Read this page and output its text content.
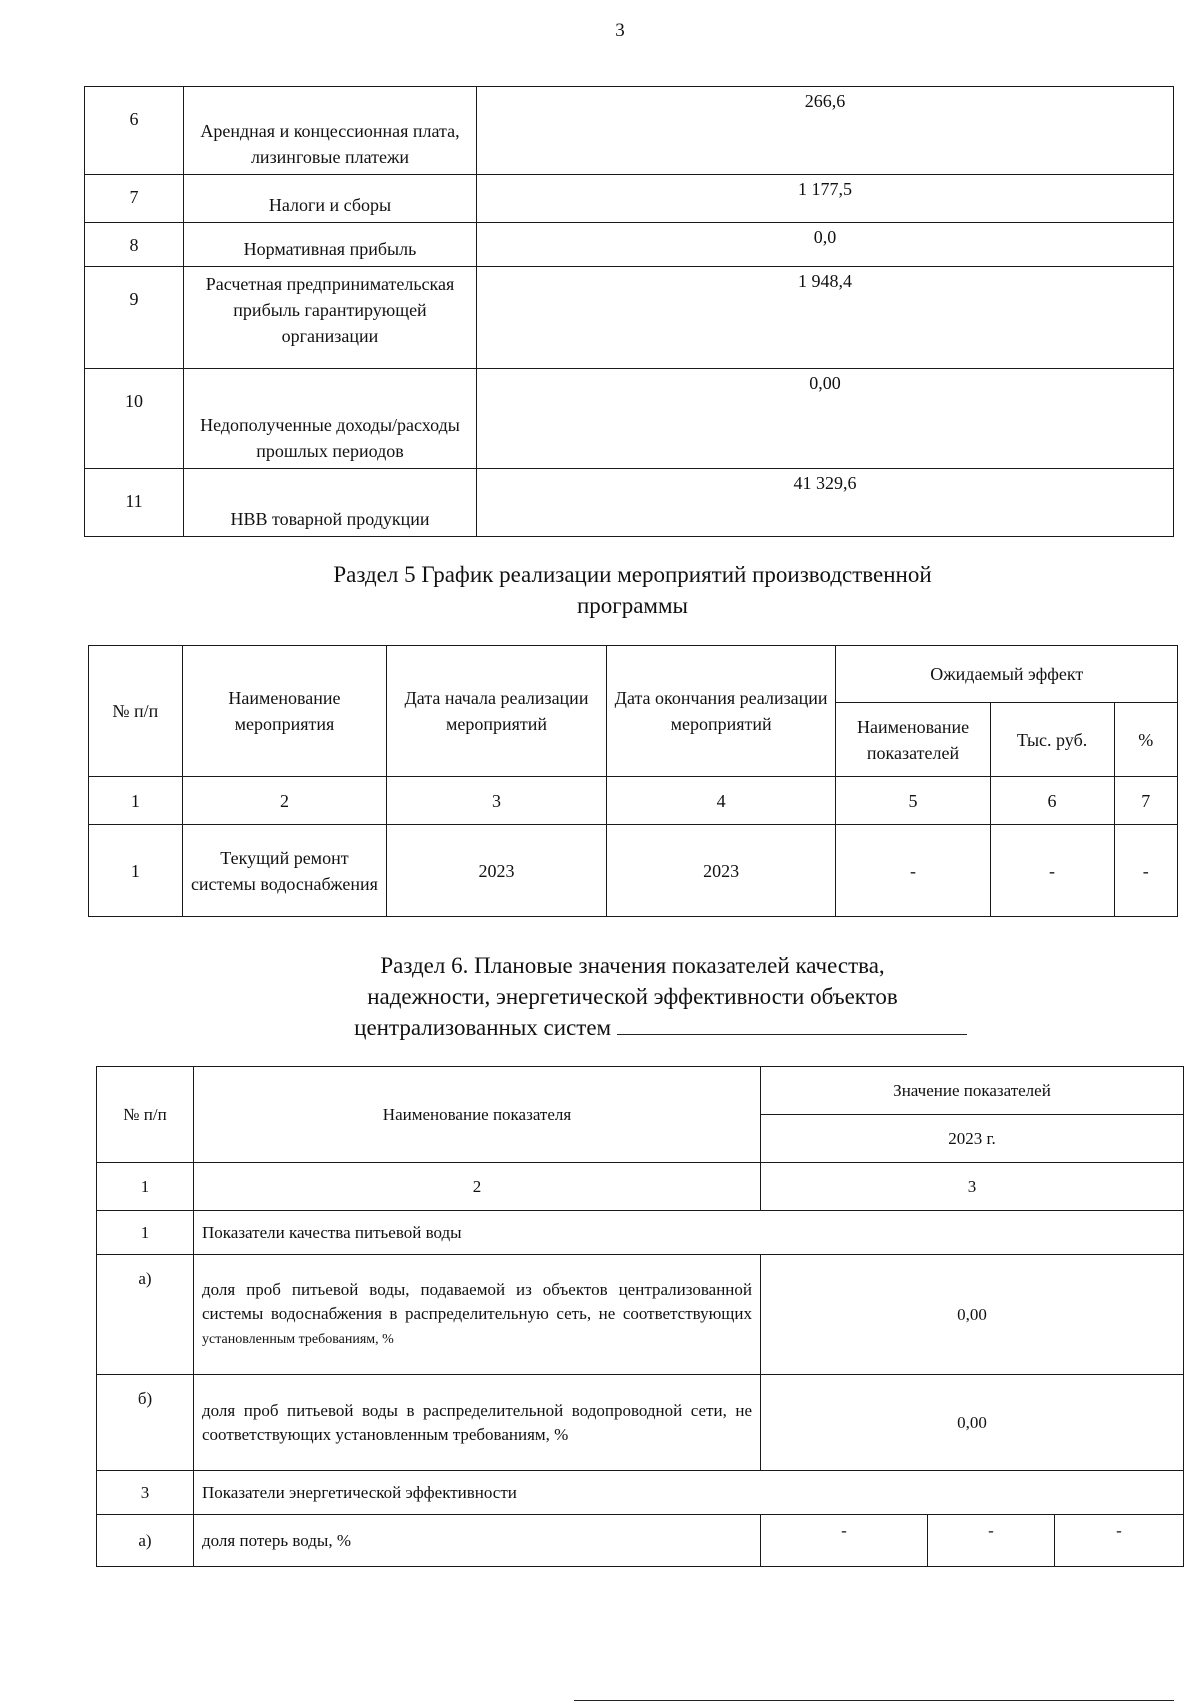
3
6	Арендная и концессионная плата, лизинговые платежи	266,6
7	Налоги и сборы	1 177,5
8	Нормативная прибыль	0,0
9	Расчетная предпринимательская прибыль гарантирующей организации	1 948,4
10	Недополученные доходы/расходы прошлых периодов	0,00
11	НВВ товарной продукции	41 329,6
Раздел 5 График реализации мероприятий производственной
программы
№ п/п	Наименование мероприятия	Дата начала реализации мероприятий	Дата окончания реализации мероприятий	Ожидаемый эффект		
				Наименование показателей	Тыс. руб.	%
1	2	3	4	5	6	7
1	Текущий ремонт системы водоснабжения	2023	2023	-	-	-
Раздел 6. Плановые значения показателей качества,
надежности, энергетической эффективности объектов
централизованных систем
№ п/п	Наименование показателя	Значение показателей		
		2023 г.		
1	2	3		
1	Показатели качества питьевой воды			
а)	доля проб питьевой воды, подаваемой из объектов централизованной системы водоснабжения в распределительную сеть, не соответствующих установленным требованиям, %	0,00		
б)	доля проб питьевой воды в распределительной водопроводной сети, не соответствующих установленным требованиям, %	0,00		
3	Показатели энергетической эффективности			
а)	доля потерь воды, %	-	-	-
